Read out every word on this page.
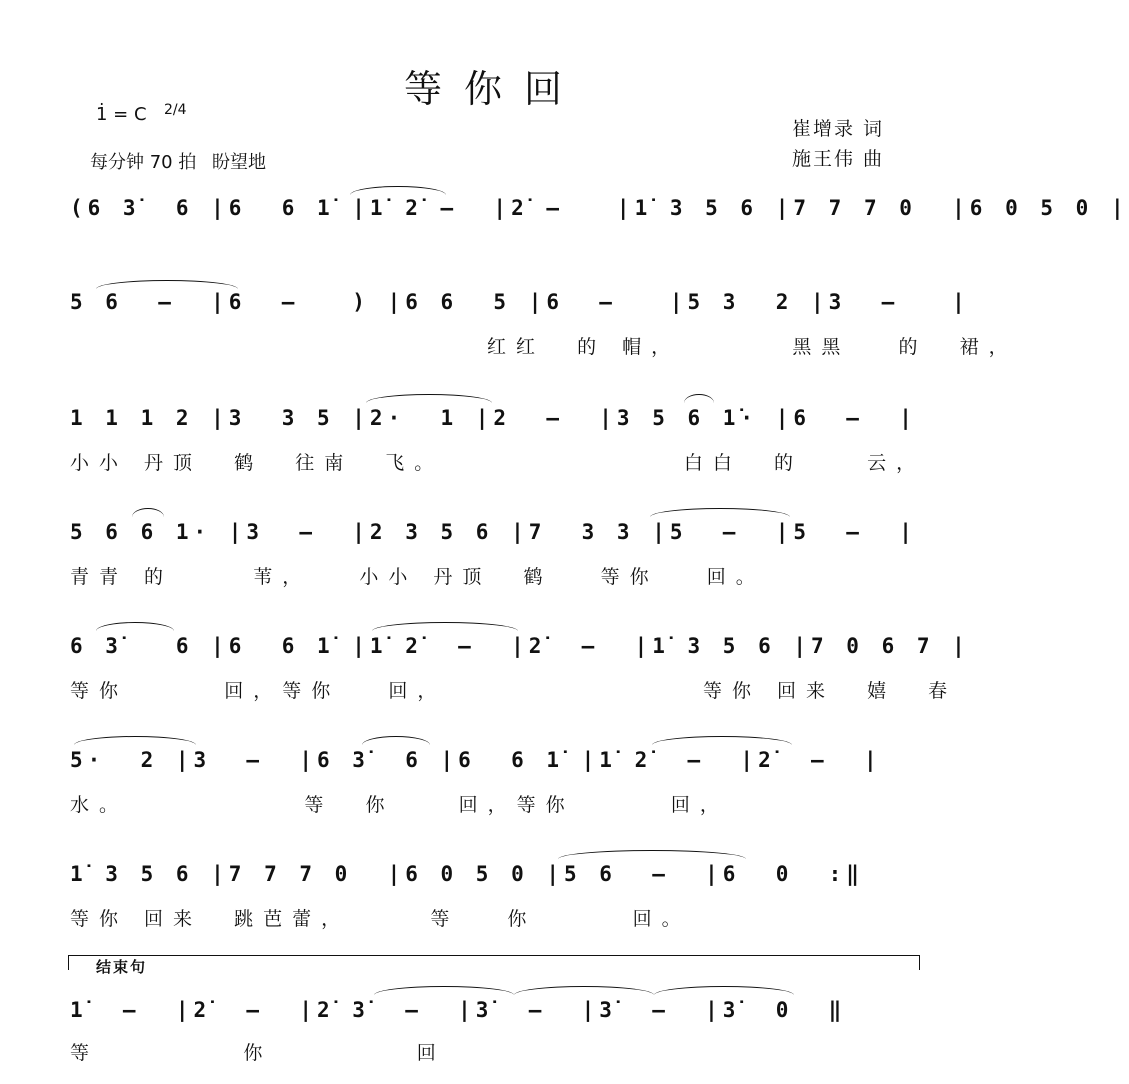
等你回
1̇ = C 2/4
每分钟 70 拍 盼望地
崔增录 词
施王伟 曲
(6 3̇  6 |6  6 1̇ |1̇ 2̇ –  |2̇ –   |1̇ 3 5 6 |7 7 7 0  |6 0 5 0 |
5 6  –  |6  –   ) |6 6  5 |6  –   |5 3  2 |3  –   |
红红  的 帽，       黑黑   的  裙，
1 1 1 2 |3  3 5 |2·  1 |2  –  |3 5 6 1̇· |6  –  |
小小 丹顶  鹤  往南  飞。               白白  的    云，
5 6 6 1· |3  –  |2 3 5 6 |7  3 3 |5  –  |5  –  |
青青 的     苇，   小小 丹顶  鹤   等你   回。
6 3̇   6 |6  6 1̇ |1̇ 2̇  –  |2̇  –  |1̇ 3 5 6 |7 0 6 7 |
等你      回，等你   回，                等你 回来  嬉  春
5·  2 |3  –  |6 3̇  6 |6  6 1̇ |1̇ 2̇  –  |2̇  –  |
水。           等  你    回，等你      回，
1̇ 3 5 6 |7 7 7 0  |6 0 5 0 |5 6  –  |6  0  :‖
等你 回来  跳芭蕾，     等   你      回。
结束句
1̇  –  |2̇  –  |2̇ 3̇  –  |3̇  –  |3̇  –  |3̇  0  ‖
等         你         回
